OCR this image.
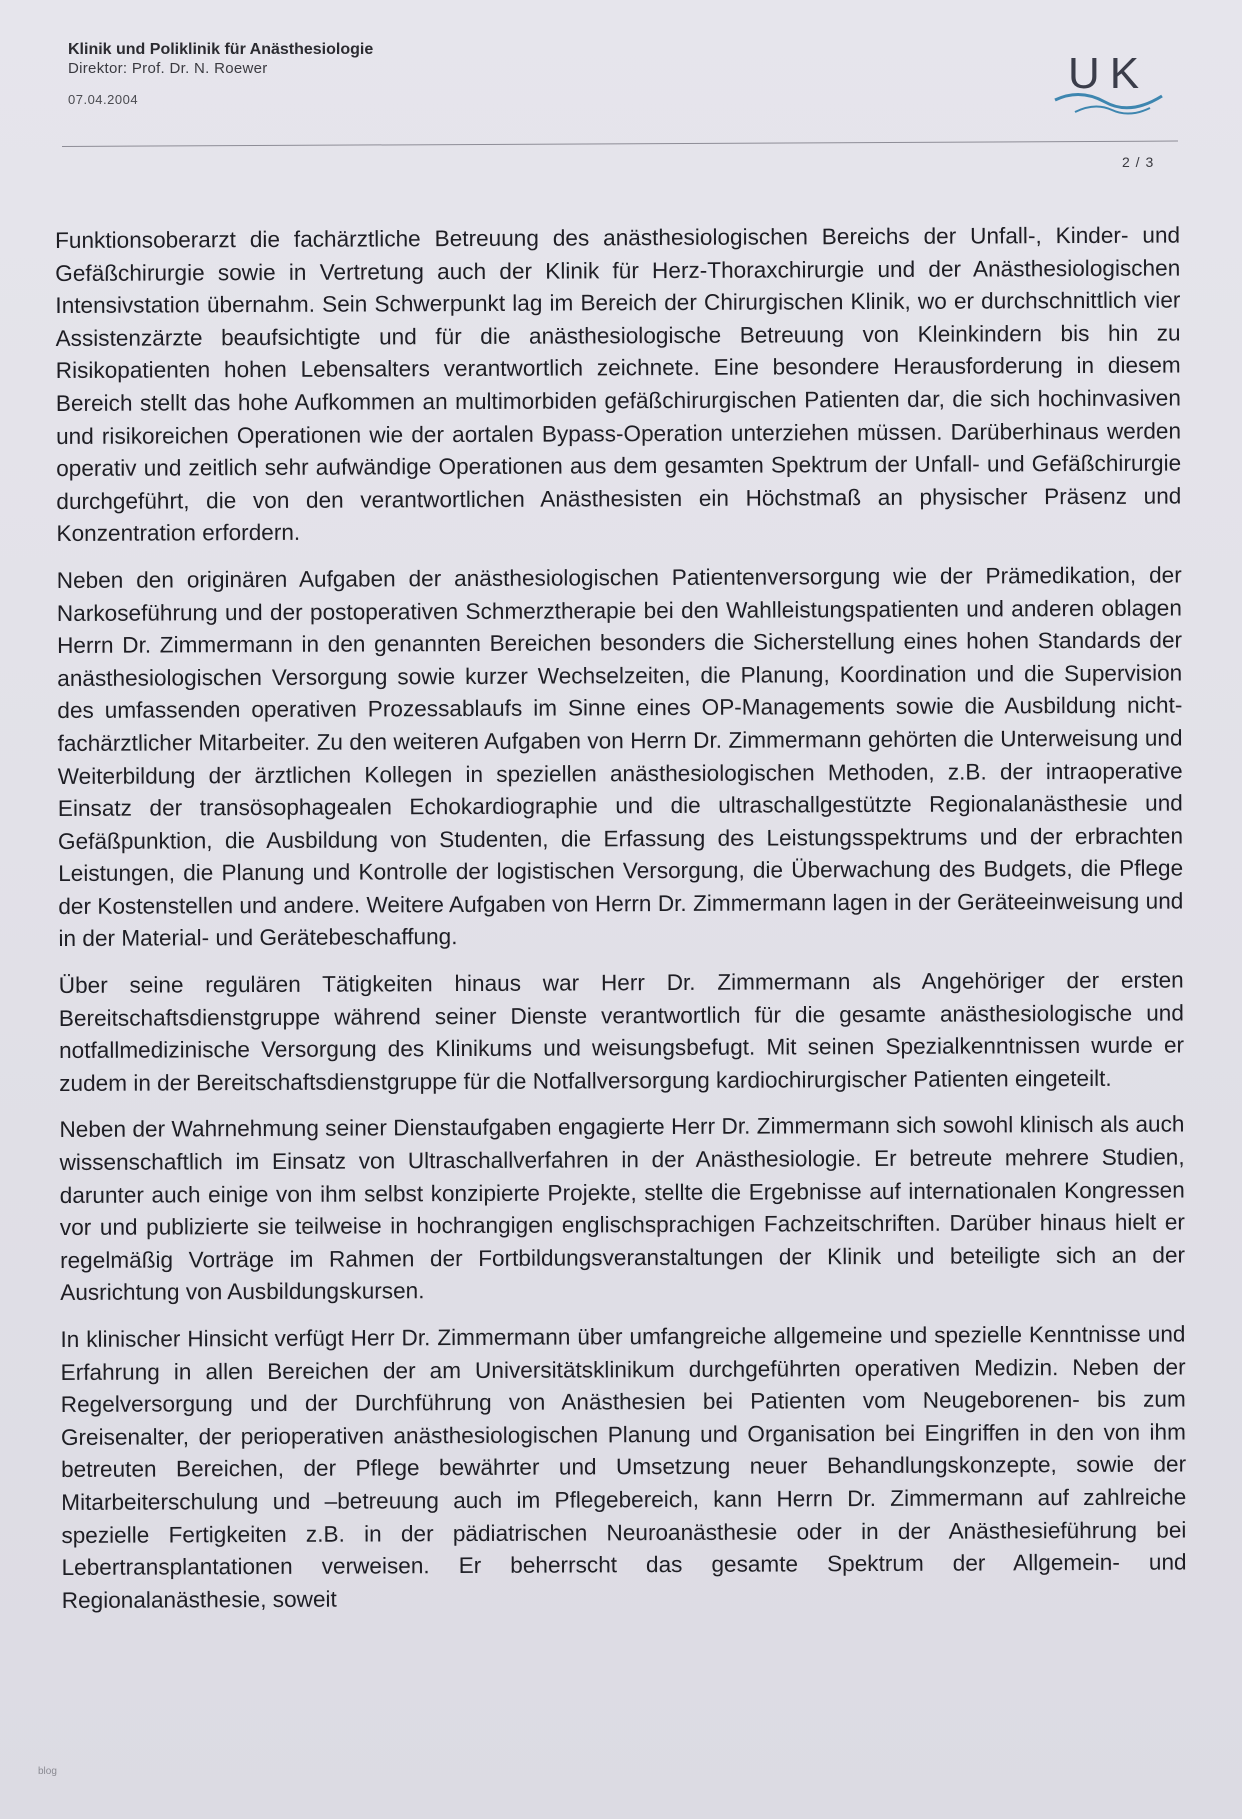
Klinik und Poliklinik für Anästhesiologie
Direktor: Prof. Dr. N. Roewer
07.04.2004
UK
2 / 3

Funktionsoberarzt die fachärztliche Betreuung des anästhesiologischen Bereichs der Unfall-, Kinder- und Gefäßchirurgie sowie in Vertretung auch der Klinik für Herz-Thoraxchirurgie und der Anästhesiologischen Intensivstation übernahm. Sein Schwerpunkt lag im Bereich der Chirurgischen Klinik, wo er durchschnittlich vier Assistenzärzte beaufsichtigte und für die anästhesiologische Betreuung von Kleinkindern bis hin zu Risikopatienten hohen Lebensalters verantwortlich zeichnete. Eine besondere Herausforderung in diesem Bereich stellt das hohe Aufkommen an multimorbiden gefäßchirurgischen Patienten dar, die sich hochinvasiven und risikoreichen Operationen wie der aortalen Bypass-Operation unterziehen müssen. Darüberhinaus werden operativ und zeitlich sehr aufwändige Operationen aus dem gesamten Spektrum der Unfall- und Gefäßchirurgie durchgeführt, die von den verantwortlichen Anästhesisten ein Höchstmaß an physischer Präsenz und Konzentration erfordern.

Neben den originären Aufgaben der anästhesiologischen Patientenversorgung wie der Prämedikation, der Narkoseführung und der postoperativen Schmerztherapie bei den Wahlleistungspatienten und anderen oblagen Herrn Dr. Zimmermann in den genannten Bereichen besonders die Sicherstellung eines hohen Standards der anästhesiologischen Versorgung sowie kurzer Wechselzeiten, die Planung, Koordination und die Supervision des umfassenden operativen Prozessablaufs im Sinne eines OP-Managements sowie die Ausbildung nicht-fachärztlicher Mitarbeiter. Zu den weiteren Aufgaben von Herrn Dr. Zimmermann gehörten die Unterweisung und Weiterbildung der ärztlichen Kollegen in speziellen anästhesiologischen Methoden, z.B. der intraoperative Einsatz der transösophagealen Echokardiographie und die ultraschallgestützte Regionalanästhesie und Gefäßpunktion, die Ausbildung von Studenten, die Erfassung des Leistungsspektrums und der erbrachten Leistungen, die Planung und Kontrolle der logistischen Versorgung, die Überwachung des Budgets, die Pflege der Kostenstellen und andere. Weitere Aufgaben von Herrn Dr. Zimmermann lagen in der Geräteeinweisung und in der Material- und Gerätebeschaffung.

Über seine regulären Tätigkeiten hinaus war Herr Dr. Zimmermann als Angehöriger der ersten Bereitschaftsdienstgruppe während seiner Dienste verantwortlich für die gesamte anästhesiologische und notfallmedizinische Versorgung des Klinikums und weisungsbefugt. Mit seinen Spezialkenntnissen wurde er zudem in der Bereitschaftsdienstgruppe für die Notfallversorgung kardiochirurgischer Patienten eingeteilt.

Neben der Wahrnehmung seiner Dienstaufgaben engagierte Herr Dr. Zimmermann sich sowohl klinisch als auch wissenschaftlich im Einsatz von Ultraschallverfahren in der Anästhesiologie. Er betreute mehrere Studien, darunter auch einige von ihm selbst konzipierte Projekte, stellte die Ergebnisse auf internationalen Kongressen vor und publizierte sie teilweise in hochrangigen englischsprachigen Fachzeitschriften. Darüber hinaus hielt er regelmäßig Vorträge im Rahmen der Fortbildungsveranstaltungen der Klinik und beteiligte sich an der Ausrichtung von Ausbildungskursen.

In klinischer Hinsicht verfügt Herr Dr. Zimmermann über umfangreiche allgemeine und spezielle Kenntnisse und Erfahrung in allen Bereichen der am Universitätsklinikum durchgeführten operativen Medizin. Neben der Regelversorgung und der Durchführung von Anästhesien bei Patienten vom Neugeborenen- bis zum Greisenalter, der perioperativen anästhesiologischen Planung und Organisation bei Eingriffen in den von ihm betreuten Bereichen, der Pflege bewährter und Umsetzung neuer Behandlungskonzepte, sowie der Mitarbeiterschulung und –betreuung auch im Pflegebereich, kann Herrn Dr. Zimmermann auf zahlreiche spezielle Fertigkeiten z.B. in der pädiatrischen Neuroanästhesie oder in der Anästhesieführung bei Lebertransplantationen verweisen. Er beherrscht das gesamte Spektrum der Allgemein- und Regionalanästhesie, soweit

blog
